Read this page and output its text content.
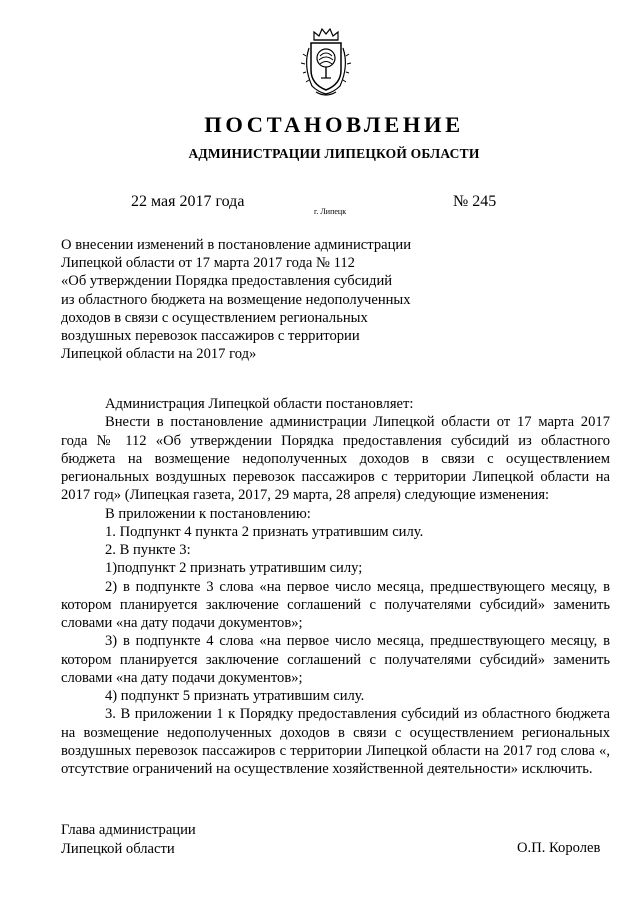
ПОСТАНОВЛЕНИЕ
АДМИНИСТРАЦИИ ЛИПЕЦКОЙ ОБЛАСТИ
22 мая 2017 года
г. Липецк
№ 245
О внесении изменений в постановление администрации
Липецкой области от 17 марта 2017 года № 112
«Об утверждении Порядка предоставления субсидий
из областного бюджета на возмещение недополученных
доходов в связи с осуществлением региональных
воздушных перевозок пассажиров с территории
Липецкой области на 2017 год»
Администрация Липецкой области постановляет:
Внести в постановление администрации Липецкой области от 17 марта 2017 года № 112 «Об утверждении Порядка предоставления субсидий из областного бюджета на возмещение недополученных доходов в связи с осуществлением региональных воздушных перевозок пассажиров с территории Липецкой области на 2017 год» (Липецкая газета, 2017, 29 марта, 28 апреля) следующие изменения:
В приложении к постановлению:
1. Подпункт 4 пункта 2 признать утратившим силу.
2. В пункте 3:
1)подпункт 2 признать утратившим силу;
2) в подпункте 3 слова «на первое число месяца, предшествующего месяцу, в котором планируется заключение соглашений с получателями субсидий» заменить словами «на дату подачи документов»;
3) в подпункте 4 слова «на первое число месяца, предшествующего месяцу, в котором планируется заключение соглашений с получателями субсидий» заменить словами «на дату подачи документов»;
4) подпункт 5 признать утратившим силу.
3. В приложении 1 к Порядку предоставления субсидий из областного бюджета на возмещение недополученных доходов в связи с осуществлением региональных воздушных перевозок пассажиров с территории Липецкой области на 2017 год слова «, отсутствие ограничений на осуществление хозяйственной деятельности» исключить.
Глава администрации
Липецкой области	О.П. Королев
